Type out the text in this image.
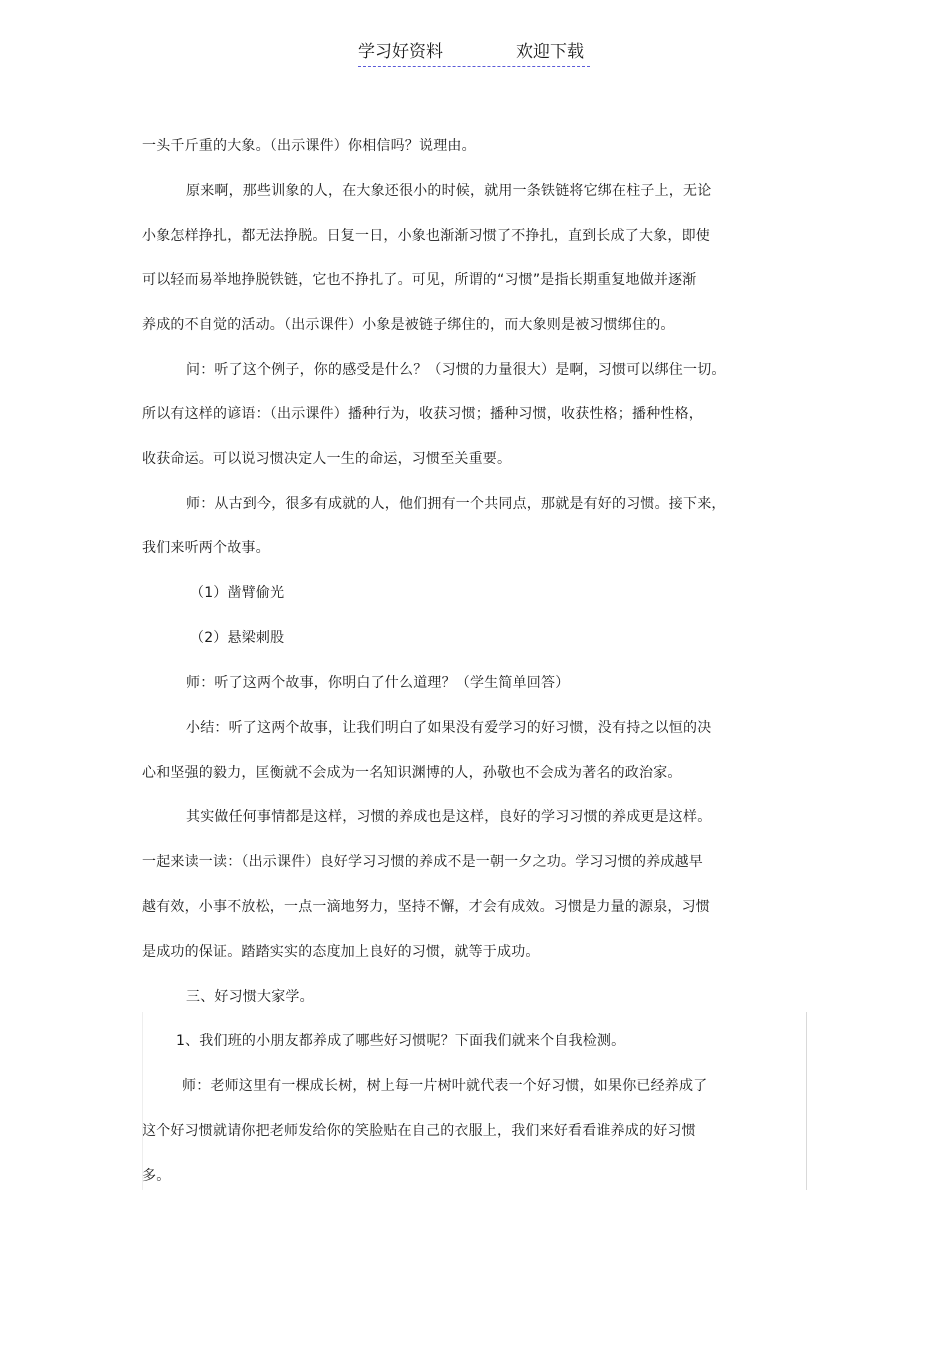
学习好资料	欢迎下载
一头千斤重的大象。（出示课件）你相信吗？说理由。
原来啊，那些训象的人，在大象还很小的时候，就用一条铁链将它绑在柱子上，无论
小象怎样挣扎，都无法挣脱。日复一日，小象也渐渐习惯了不挣扎，直到长成了大象，即使
可以轻而易举地挣脱铁链，它也不挣扎了。可见，所谓的“习惯”是指长期重复地做并逐渐
养成的不自觉的活动。（出示课件）小象是被链子绑住的，而大象则是被习惯绑住的。
问：听了这个例子，你的感受是什么？（习惯的力量很大）是啊，习惯可以绑住一切。
所以有这样的谚语：（出示课件）播种行为，收获习惯；播种习惯，收获性格；播种性格，
收获命运。可以说习惯决定人一生的命运，习惯至关重要。
师：从古到今，很多有成就的人，他们拥有一个共同点，那就是有好的习惯。接下来，
我们来听两个故事。
（1）凿臂偷光
（2）悬梁刺股
师：听了这两个故事，你明白了什么道理？（学生简单回答）
小结：听了这两个故事，让我们明白了如果没有爱学习的好习惯，没有持之以恒的决
心和坚强的毅力，匡衡就不会成为一名知识渊博的人，孙敬也不会成为著名的政治家。
其实做任何事情都是这样，习惯的养成也是这样，良好的学习习惯的养成更是这样。
一起来读一读：（出示课件）良好学习习惯的养成不是一朝一夕之功。学习习惯的养成越早
越有效，小事不放松，一点一滴地努力，坚持不懈，才会有成效。习惯是力量的源泉，习惯
是成功的保证。踏踏实实的态度加上良好的习惯，就等于成功。
三、好习惯大家学。
1、我们班的小朋友都养成了哪些好习惯呢？下面我们就来个自我检测。
师：老师这里有一棵成长树，树上每一片树叶就代表一个好习惯，如果你已经养成了
这个好习惯就请你把老师发给你的笑脸贴在自己的衣服上，我们来好看看谁养成的好习惯
多。
